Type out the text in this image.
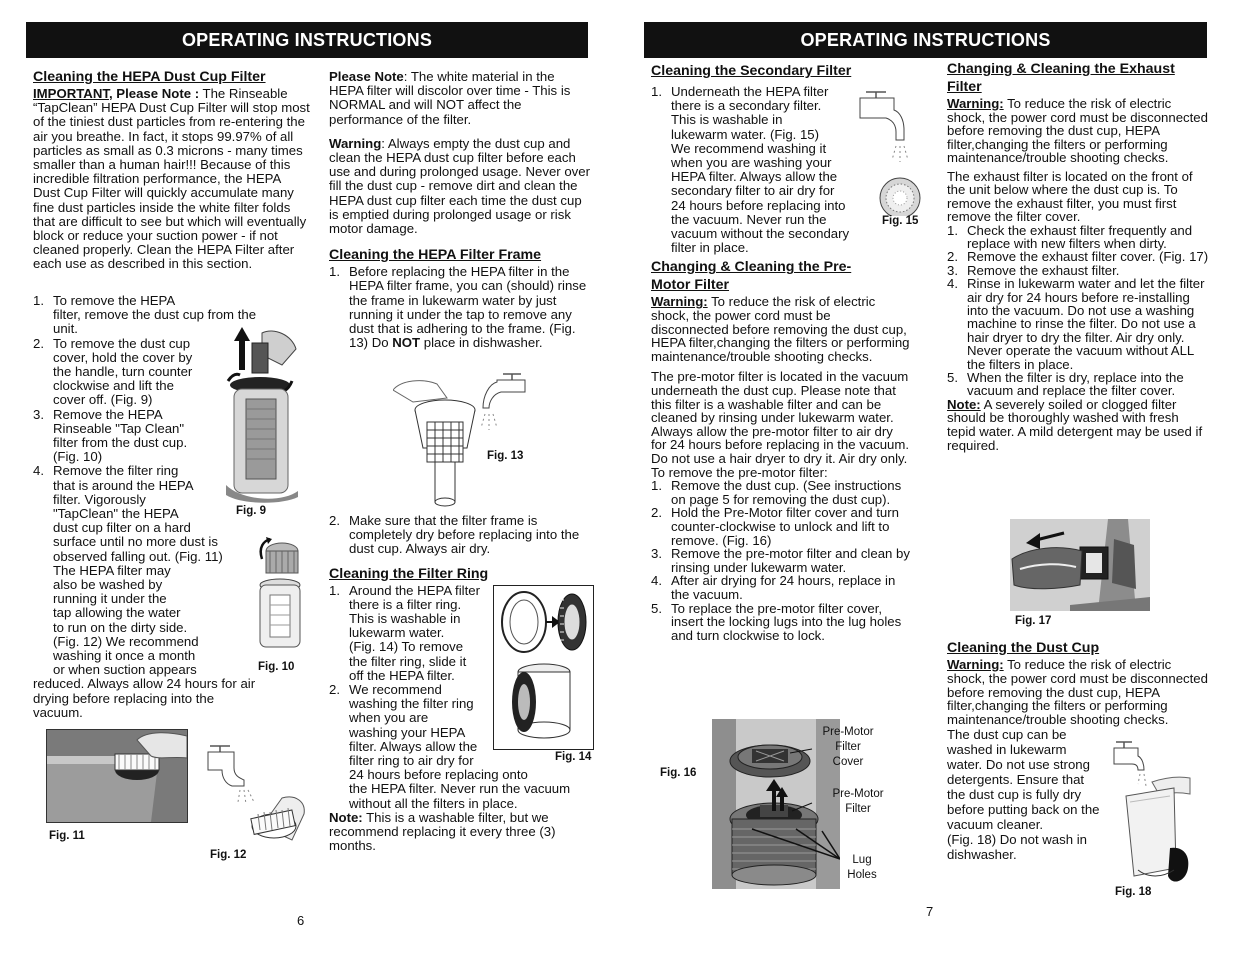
OPERATING INSTRUCTIONS
Cleaning the HEPA Dust Cup Filter

IMPORTANT, Please Note : The Rinseable “TapClean” HEPA Dust Cup Filter will stop most of the tiniest dust particles from re-entering the air you breathe. In fact, it stops 99.97% of all particles as small as 0.3 microns - many times smaller than a human hair!!! Because of this incredible filtration performance, the HEPA Dust Cup Filter will quickly accumulate many fine dust particles inside the white filter folds that are difficult to see but which will eventually block or reduce your suction power - if not cleaned properly. Clean the HEPA Filter after each use as described in this section.

1. To remove the HEPA
filter, remove the dust cup from the
unit.
2. To remove the dust cup
cover, hold the cover by
the handle, turn counter
clockwise and lift the
cover off. (Fig. 9)
3. Remove the HEPA
Rinseable "Tap Clean"
filter from the dust cup.
(Fig. 10)
4. Remove the filter ring
that is around the HEPA
filter. Vigorously
"TapClean" the HEPA
dust cup filter on a hard
surface until no more dust is
observed falling out. (Fig. 11)
The HEPA filter may
also be washed by
running it under the
tap allowing the water
to run on the dirty side.
(Fig. 12) We recommend
washing it once a month
or when suction appears
reduced. Always allow 24 hours for air
drying before replacing into the
vacuum.
Fig. 9
Fig. 10
Fig. 11
Fig. 12

Please Note: The white material in the HEPA filter will discolor over time - This is NORMAL and will NOT affect the performance of the filter.

Warning: Always empty the dust cup and clean the HEPA dust cup filter before each use and during prolonged usage. Never over fill the dust cup - remove dirt and clean the HEPA dust cup filter each time the dust cup is emptied during prolonged usage or risk motor damage.

Cleaning the HEPA Filter Frame
1. Before replacing the HEPA filter in the HEPA filter frame, you can (should) rinse the frame in lukewarm water by just running it under the tap to remove any dust that is adhering to the frame. (Fig. 13) Do NOT place in dishwasher.
Fig. 13
2. Make sure that the filter frame is completely dry before replacing into the dust cup. Always air dry.
Cleaning the Filter Ring
1. Around the HEPA filter
there is a filter ring.
This is washable in
lukewarm water.
(Fig. 14) To remove
the filter ring, slide it
off the HEPA filter.
2. We recommend
washing the filter ring
when you are
washing your HEPA
filter. Always allow the
filter ring to air dry for
24 hours before replacing onto
the HEPA filter. Never run the vacuum
without all the filters in place.

Note: This is a washable filter, but we recommend replacing it every three (3) months.

Fig. 14
6
OPERATING INSTRUCTIONS
Cleaning the Secondary Filter
1. Underneath the HEPA filter
there is a secondary filter.
This is washable in
lukewarm water. (Fig. 15)
We recommend washing it
when you are washing your
HEPA filter. Always allow the
secondary filter to air dry for
24 hours before replacing into
the vacuum. Never run the
vacuum without the secondary
filter in place.
Changing & Cleaning the Pre-
Motor Filter

Warning: To reduce the risk of electric shock, the power cord must be disconnected before removing the dust cup, HEPA filter,changing the filters or performing maintenance/trouble shooting checks.

The pre-motor filter is located in the vacuum underneath the dust cup. Please note that this filter is a washable filter and can be cleaned by rinsing under lukewarm water. Always allow the pre-motor filter to air dry for 24 hours before replacing in the vacuum. Do not use a hair dryer to dry it. Air dry only. To remove the pre-motor filter:

1. Remove the dust cup. (See instructions on page 5 for removing the dust cup).
2. Hold the Pre-Motor filter cover and turn counter-clockwise to unlock and lift to remove. (Fig. 16)
3. Remove the pre-motor filter and clean by rinsing under lukewarm water.
4. After air drying for 24 hours, replace in the vacuum.
5. To replace the pre-motor filter cover, insert the locking lugs into the lug holes and turn clockwise to lock.
Fig. 15
Fig. 16
Pre-Motor
Filter
Cover
Pre-Motor
Filter
Lug
Holes
Changing & Cleaning the Exhaust
Filter

Warning: To reduce the risk of electric shock, the power cord must be disconnected before removing the dust cup, HEPA filter,changing the filters or performing maintenance/trouble shooting checks.

The exhaust filter is located on the front of the unit below where the dust cup is. To remove the exhaust filter, you must first remove the filter cover.

1. Check the exhaust filter frequently and replace with new filters when dirty.
2. Remove the exhaust filter cover. (Fig. 17)
3. Remove the exhaust filter.
4. Rinse in lukewarm water and let the filter air dry for 24 hours before re-installing into the vacuum. Do not use a washing machine to rinse the filter. Do not use a hair dryer to dry the filter. Air dry only. Never operate the vacuum without ALL the filters in place.
5. When the filter is dry, replace into the vacuum and replace the filter cover.

Note: A severely soiled or clogged filter should be thoroughly washed with fresh tepid water. A mild detergent may be used if required.

Fig. 17
Cleaning the Dust Cup

Warning: To reduce the risk of electric shock, the power cord must be disconnected before removing the dust cup, HEPA filter,changing the filters or performing maintenance/trouble shooting checks.

The dust cup can be
washed in lukewarm
water. Do not use strong
detergents. Ensure that
the dust cup is fully dry
before putting back on the
vacuum cleaner.
(Fig. 18) Do not wash in
dishwasher.
Fig. 18
7
